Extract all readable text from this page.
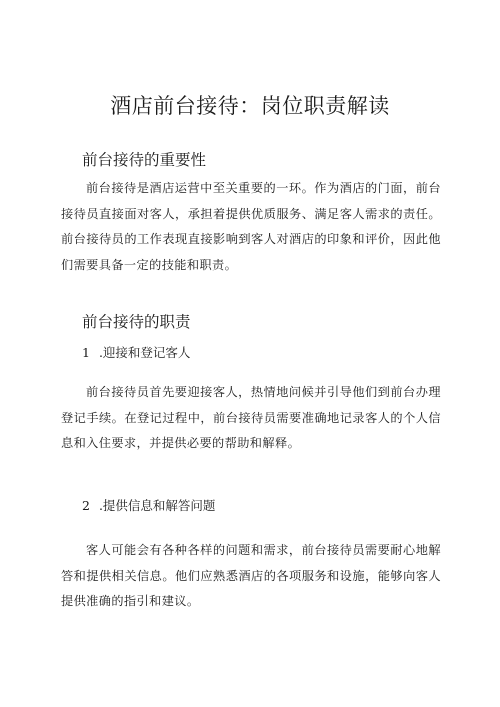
酒店前台接待：岗位职责解读
前台接待的重要性

前台接待是酒店运营中至关重要的一环。作为酒店的门面，前台接待员直接面对客人，承担着提供优质服务、满足客人需求的责任。前台接待员的工作表现直接影响到客人对酒店的印象和评价，因此他们需要具备一定的技能和职责。

前台接待的职责
1 .迎接和登记客人

前台接待员首先要迎接客人，热情地问候并引导他们到前台办理登记手续。在登记过程中，前台接待员需要准确地记录客人的个人信息和入住要求，并提供必要的帮助和解释。

2 .提供信息和解答问题

客人可能会有各种各样的问题和需求，前台接待员需要耐心地解答和提供相关信息。他们应熟悉酒店的各项服务和设施，能够向客人提供准确的指引和建议。
